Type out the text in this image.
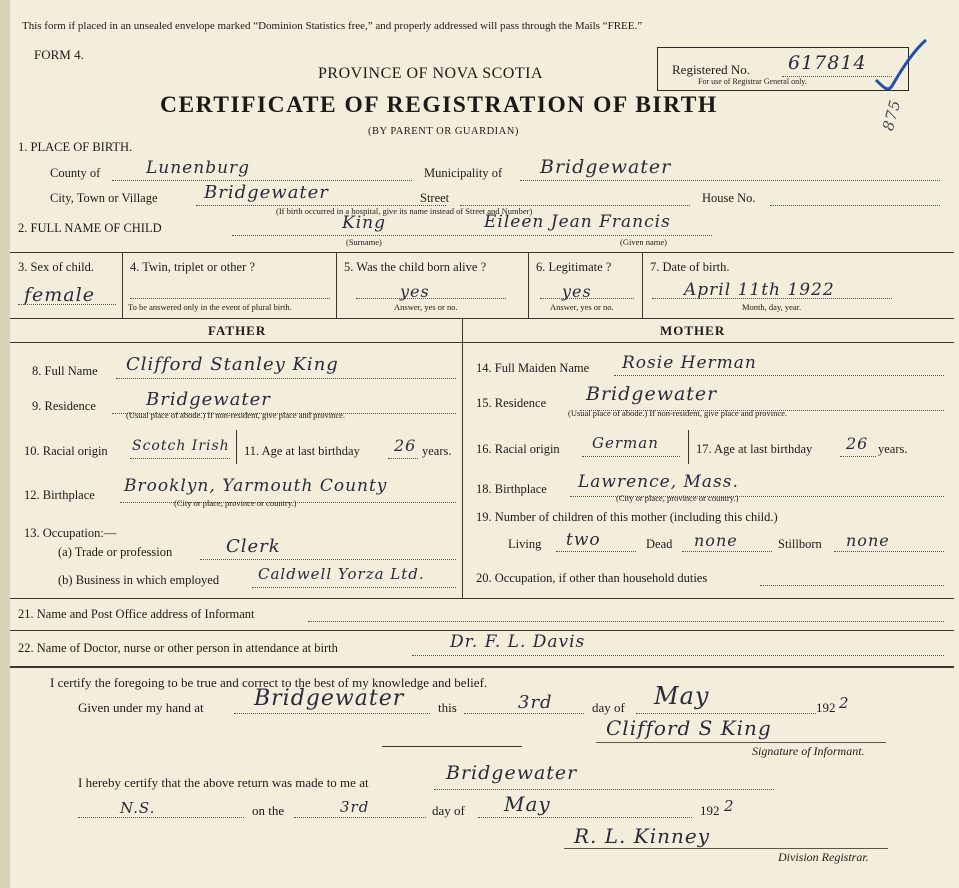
This form if placed in an unsealed envelope marked “Dominion Statistics free,” and properly addressed will pass through the Mails “FREE.”
FORM 4.
PROVINCE OF NOVA SCOTIA
CERTIFICATE OF REGISTRATION OF BIRTH
(BY PARENT OR GUARDIAN)
Registered No. 617814
For use of Registrar General only.
875
1. PLACE OF BIRTH.
County of	Lunenburg	Municipality of Bridgewater
City, Town or Village	Bridgewater	Street
(If birth occurred in a hospital, give its name instead of Street and Number)
House No.
2. FULL NAME OF CHILD	King	Eileen Jean Francis
(Surname)	(Given name)
3. Sex of child.
female
4. Twin, triplet or other ?
To be answered only in the event of plural birth.
5. Was the child born alive ?
yes
Answer, yes or no.
6. Legitimate ?
yes
Answer, yes or no.
7. Date of birth.
April 11th 1922
Month, day, year.
FATHER	MOTHER
8. Full Name Clifford Stanley King
9. Residence	Bridgewater
(Usual place of abode.) If non-resident, give place and province.
10. Racial origin Scotch Irish 11. Age at last birthday 26 years.
12. Birthplace Brooklyn, Yarmouth County
(City or place, province or country.)
13. Occupation:—
(a) Trade or profession	Clerk
(b) Business in which employed	Caldwell Yorza Ltd.
14. Full Maiden Name Rosie Herman
15. Residence Bridgewater
(Usual place of abode.) If non-resident, give place and province.
16. Racial origin German	17. Age at last birthday 26 years.
18. Birthplace Lawrence, Mass.
(City or place, province or country.)
19. Number of children of this mother (including this child.)
Living two	Dead none	Stillborn none
20. Occupation, if other than household duties
21. Name and Post Office address of Informant
22. Name of Doctor, nurse or other person in attendance at birth	Dr. F. L. Davis
I certify the foregoing to be true and correct to the best of my knowledge and belief.
Given under my hand at Bridgewater	this	3rd	day of May	192 2
Clifford S King
Signature of Informant.
I hereby certify that the above return was made to me at	Bridgewater
N.S.	on the	3rd	day of May	192 2
R. L. Kinney
Division Registrar.
